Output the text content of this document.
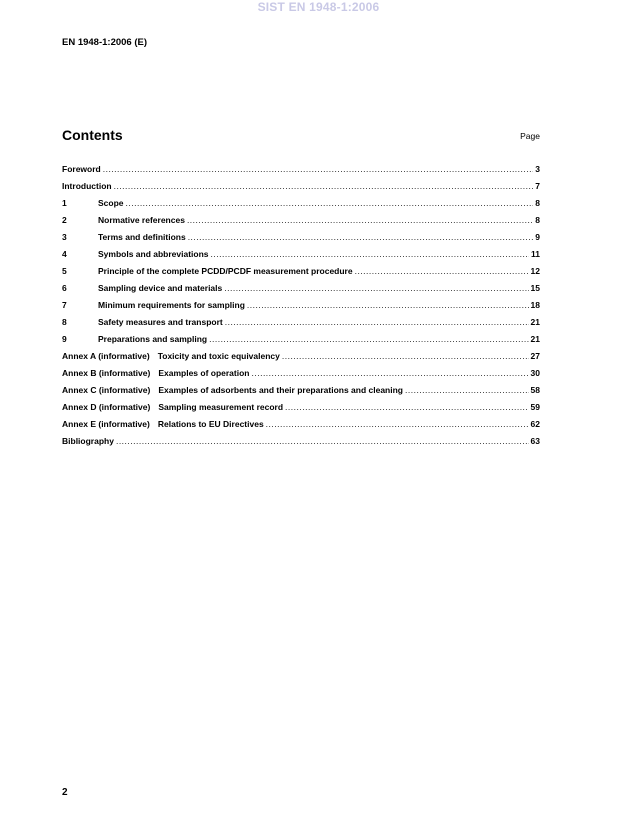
SIST EN 1948-1:2006
EN 1948-1:2006 (E)
Contents	Page
Foreword .....	3
Introduction .....	7
1	Scope .....	8
2	Normative references .....	8
3	Terms and definitions .....	9
4	Symbols and abbreviations .....	11
5	Principle of the complete PCDD/PCDF measurement procedure .....	12
6	Sampling device and materials .....	15
7	Minimum requirements for sampling .....	18
8	Safety measures and transport .....	21
9	Preparations and sampling .....	21
Annex A (informative) Toxicity and toxic equivalency .....	27
Annex B (informative) Examples of operation .....	30
Annex C (informative) Examples of adsorbents and their preparations and cleaning .....	58
Annex D (informative) Sampling measurement record .....	59
Annex E (informative) Relations to EU Directives .....	62
Bibliography .....	63
2
